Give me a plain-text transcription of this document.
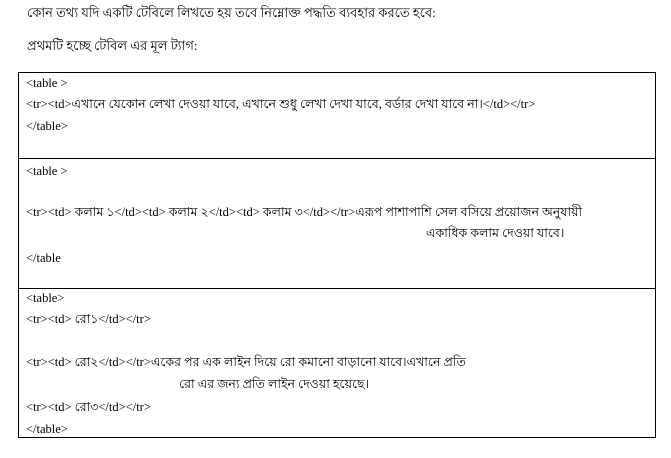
কোন তথ্য যদি একটি টেবিলে লিখতে হয় তবে নিম্নোক্ত পদ্ধতি ব্যবহার করতে হবে:
প্রথমটি হচ্ছে টেবিল এর মূল ট্যাগ:
<table >
<tr><td>এখানে যেকোন লেখা দেওয়া যাবে, এখানে শুধু লেখা দেখা যাবে, বর্ডার দেখা যাবে না।</td></tr>
</table>
<table >
<tr><td> কলাম ১</td><td> কলাম ২</td><td> কলাম ৩</td></tr>এরূপ পাশাপাশি সেল বসিয়ে প্রয়োজন অনুযায়ী
একাধিক কলাম দেওয়া যাবে।
</table
<table>
<tr><td> রো১</td></tr>
<tr><td> রো২</td></tr>একের পর এক লাইন দিয়ে রো কমানো বাড়ানো যাবে।এখানে প্রতি
রো এর জন্য প্রতি লাইন দেওয়া হয়েছে।
<tr><td> রো৩</td></tr>
</table>
